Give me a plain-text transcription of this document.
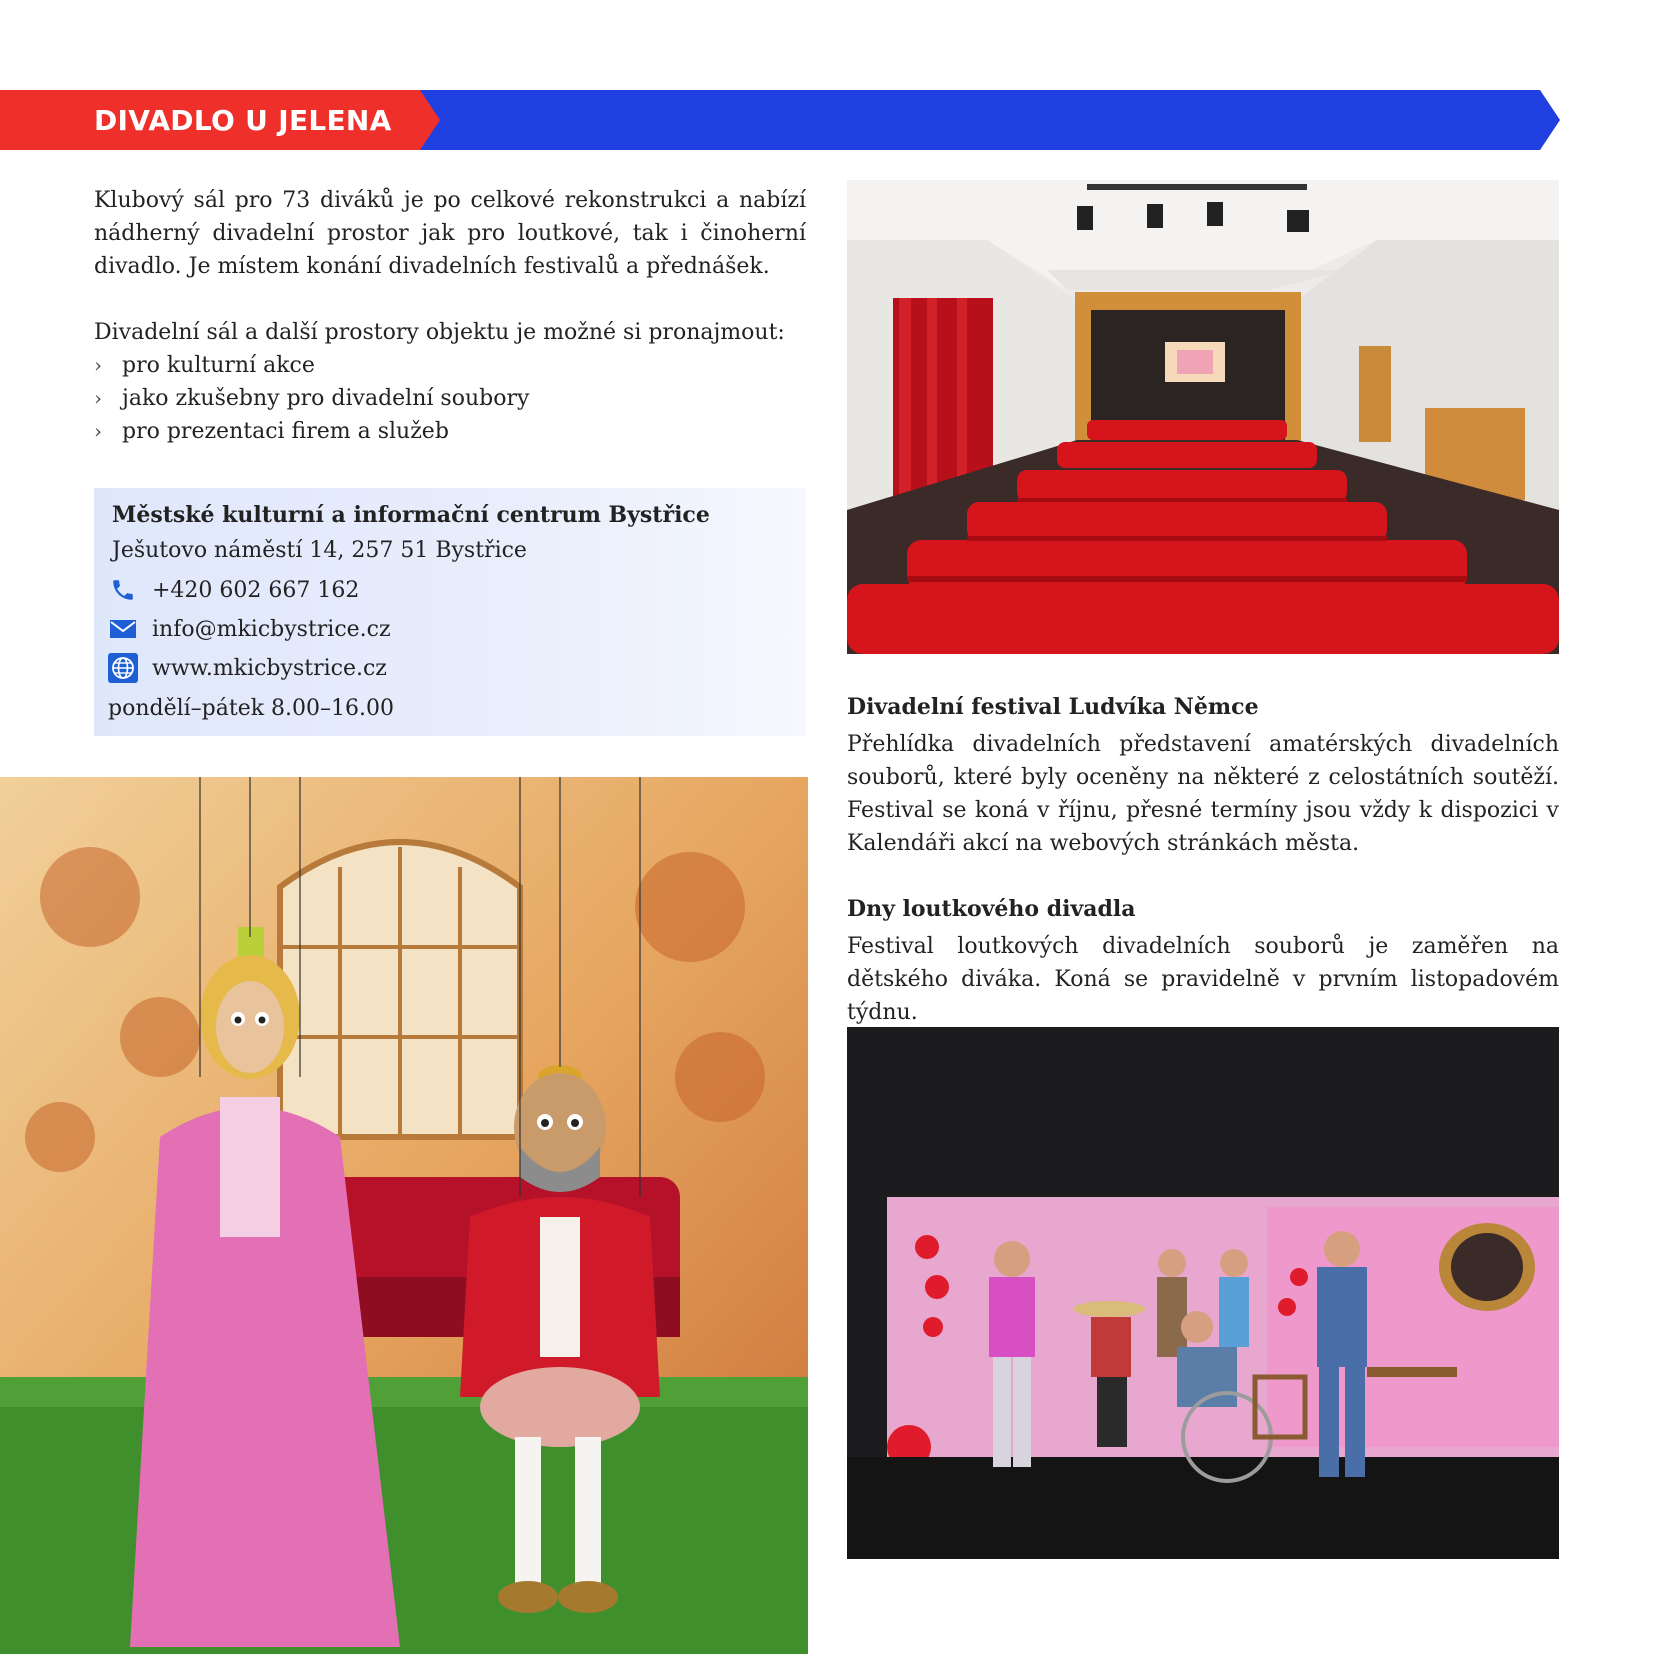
DIVADLO U JELENA

Klubový sál pro 73 diváků je po celkové rekonstrukci a nabízí nádherný divadelní prostor jak pro loutkové, tak i činoherní divadlo. Je místem konání divadelních festivalů a přednášek.

Divadelní sál a další prostory objektu je možné si pronajmout:

› pro kulturní akce
› jako zkušebny pro divadelní soubory
› pro prezentaci firem a služeb
Městské kulturní a informační centrum Bystřice
Ješutovo náměstí 14, 257 51 Bystřice
+420 602 667 162
info@mkicbystrice.cz
www.mkicbystrice.cz
pondělí–pátek 8.00–16.00	Divadelní festival Ludvíka Němce

Přehlídka divadelních představení amatérských divadelních souborů, které byly oceněny na některé z celostátních soutěží. Festival se koná v říjnu, přesné termíny jsou vždy k dispozici v Kalendáři akcí na webových stránkách města.

Dny loutkového divadla

Festival loutkových divadelních souborů je zaměřen na dětského diváka. Koná se pravidelně v prvním listopadovém týdnu.
